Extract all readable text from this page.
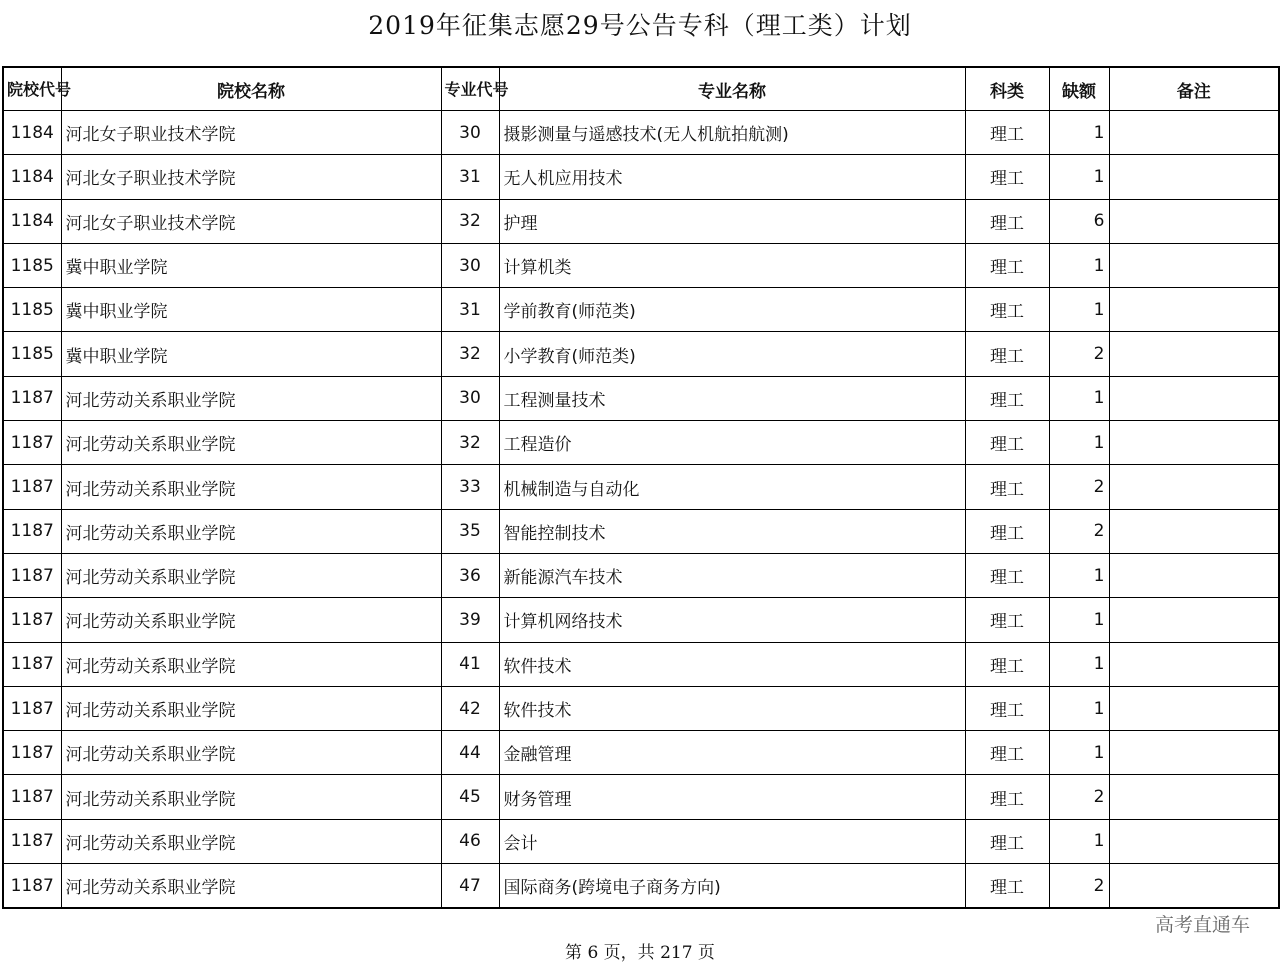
2019年征集志愿29号公告专科（理工类）计划
院校代号	院校名称	专业代号	专业名称	科类	缺额	备注
1184	河北女子职业技术学院	30	摄影测量与遥感技术(无人机航拍航测)	理工	1	
1184	河北女子职业技术学院	31	无人机应用技术	理工	1	
1184	河北女子职业技术学院	32	护理	理工	6	
1185	冀中职业学院	30	计算机类	理工	1	
1185	冀中职业学院	31	学前教育(师范类)	理工	1	
1185	冀中职业学院	32	小学教育(师范类)	理工	2	
1187	河北劳动关系职业学院	30	工程测量技术	理工	1	
1187	河北劳动关系职业学院	32	工程造价	理工	1	
1187	河北劳动关系职业学院	33	机械制造与自动化	理工	2	
1187	河北劳动关系职业学院	35	智能控制技术	理工	2	
1187	河北劳动关系职业学院	36	新能源汽车技术	理工	1	
1187	河北劳动关系职业学院	39	计算机网络技术	理工	1	
1187	河北劳动关系职业学院	41	软件技术	理工	1	
1187	河北劳动关系职业学院	42	软件技术	理工	1	
1187	河北劳动关系职业学院	44	金融管理	理工	1	
1187	河北劳动关系职业学院	45	财务管理	理工	2	
1187	河北劳动关系职业学院	46	会计	理工	1	
1187	河北劳动关系职业学院	47	国际商务(跨境电子商务方向)	理工	2	
高考直通车
第 6 页，共 217 页
